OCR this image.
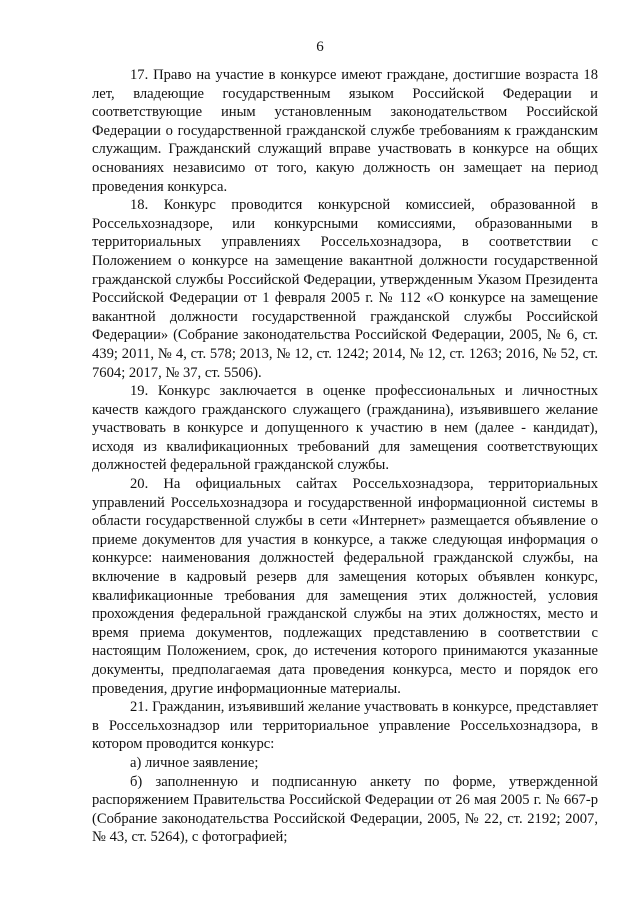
6

17. Право на участие в конкурсе имеют граждане, достигшие возраста 18 лет, владеющие государственным языком Российской Федерации и соответствующие иным установленным законодательством Российской Федерации о государственной гражданской службе требованиям к гражданским служащим. Гражданский служащий вправе участвовать в конкурсе на общих основаниях независимо от того, какую должность он замещает на период проведения конкурса.

18. Конкурс проводится конкурсной комиссией, образованной в Россельхознадзоре, или конкурсными комиссиями, образованными в территориальных управлениях Россельхознадзора, в соответствии с Положением о конкурсе на замещение вакантной должности государственной гражданской службы Российской Федерации, утвержденным Указом Президента Российской Федерации от 1 февраля 2005 г. № 112 «О конкурсе на замещение вакантной должности государственной гражданской службы Российской Федерации» (Собрание законодательства Российской Федерации, 2005, № 6, ст. 439; 2011, № 4, ст. 578; 2013, № 12, ст. 1242; 2014, № 12, ст. 1263; 2016, № 52, ст. 7604; 2017, № 37, ст. 5506).

19. Конкурс заключается в оценке профессиональных и личностных качеств каждого гражданского служащего (гражданина), изъявившего желание участвовать в конкурсе и допущенного к участию в нем (далее - кандидат), исходя из квалификационных требований для замещения соответствующих должностей федеральной гражданской службы.

20. На официальных сайтах Россельхознадзора, территориальных управлений Россельхознадзора и государственной информационной системы в области государственной службы в сети «Интернет» размещается объявление о приеме документов для участия в конкурсе, а также следующая информация о конкурсе: наименования должностей федеральной гражданской службы, на включение в кадровый резерв для замещения которых объявлен конкурс, квалификационные требования для замещения этих должностей, условия прохождения федеральной гражданской службы на этих должностях, место и время приема документов, подлежащих представлению в соответствии с настоящим Положением, срок, до истечения которого принимаются указанные документы, предполагаемая дата проведения конкурса, место и порядок его проведения, другие информационные материалы.

21. Гражданин, изъявивший желание участвовать в конкурсе, представляет в Россельхознадзор или территориальное управление Россельхознадзора, в котором проводится конкурс:

а) личное заявление;

б) заполненную и подписанную анкету по форме, утвержденной распоряжением Правительства Российской Федерации от 26 мая 2005 г. № 667-р (Собрание законодательства Российской Федерации, 2005, № 22, ст. 2192; 2007, № 43, ст. 5264), с фотографией;
